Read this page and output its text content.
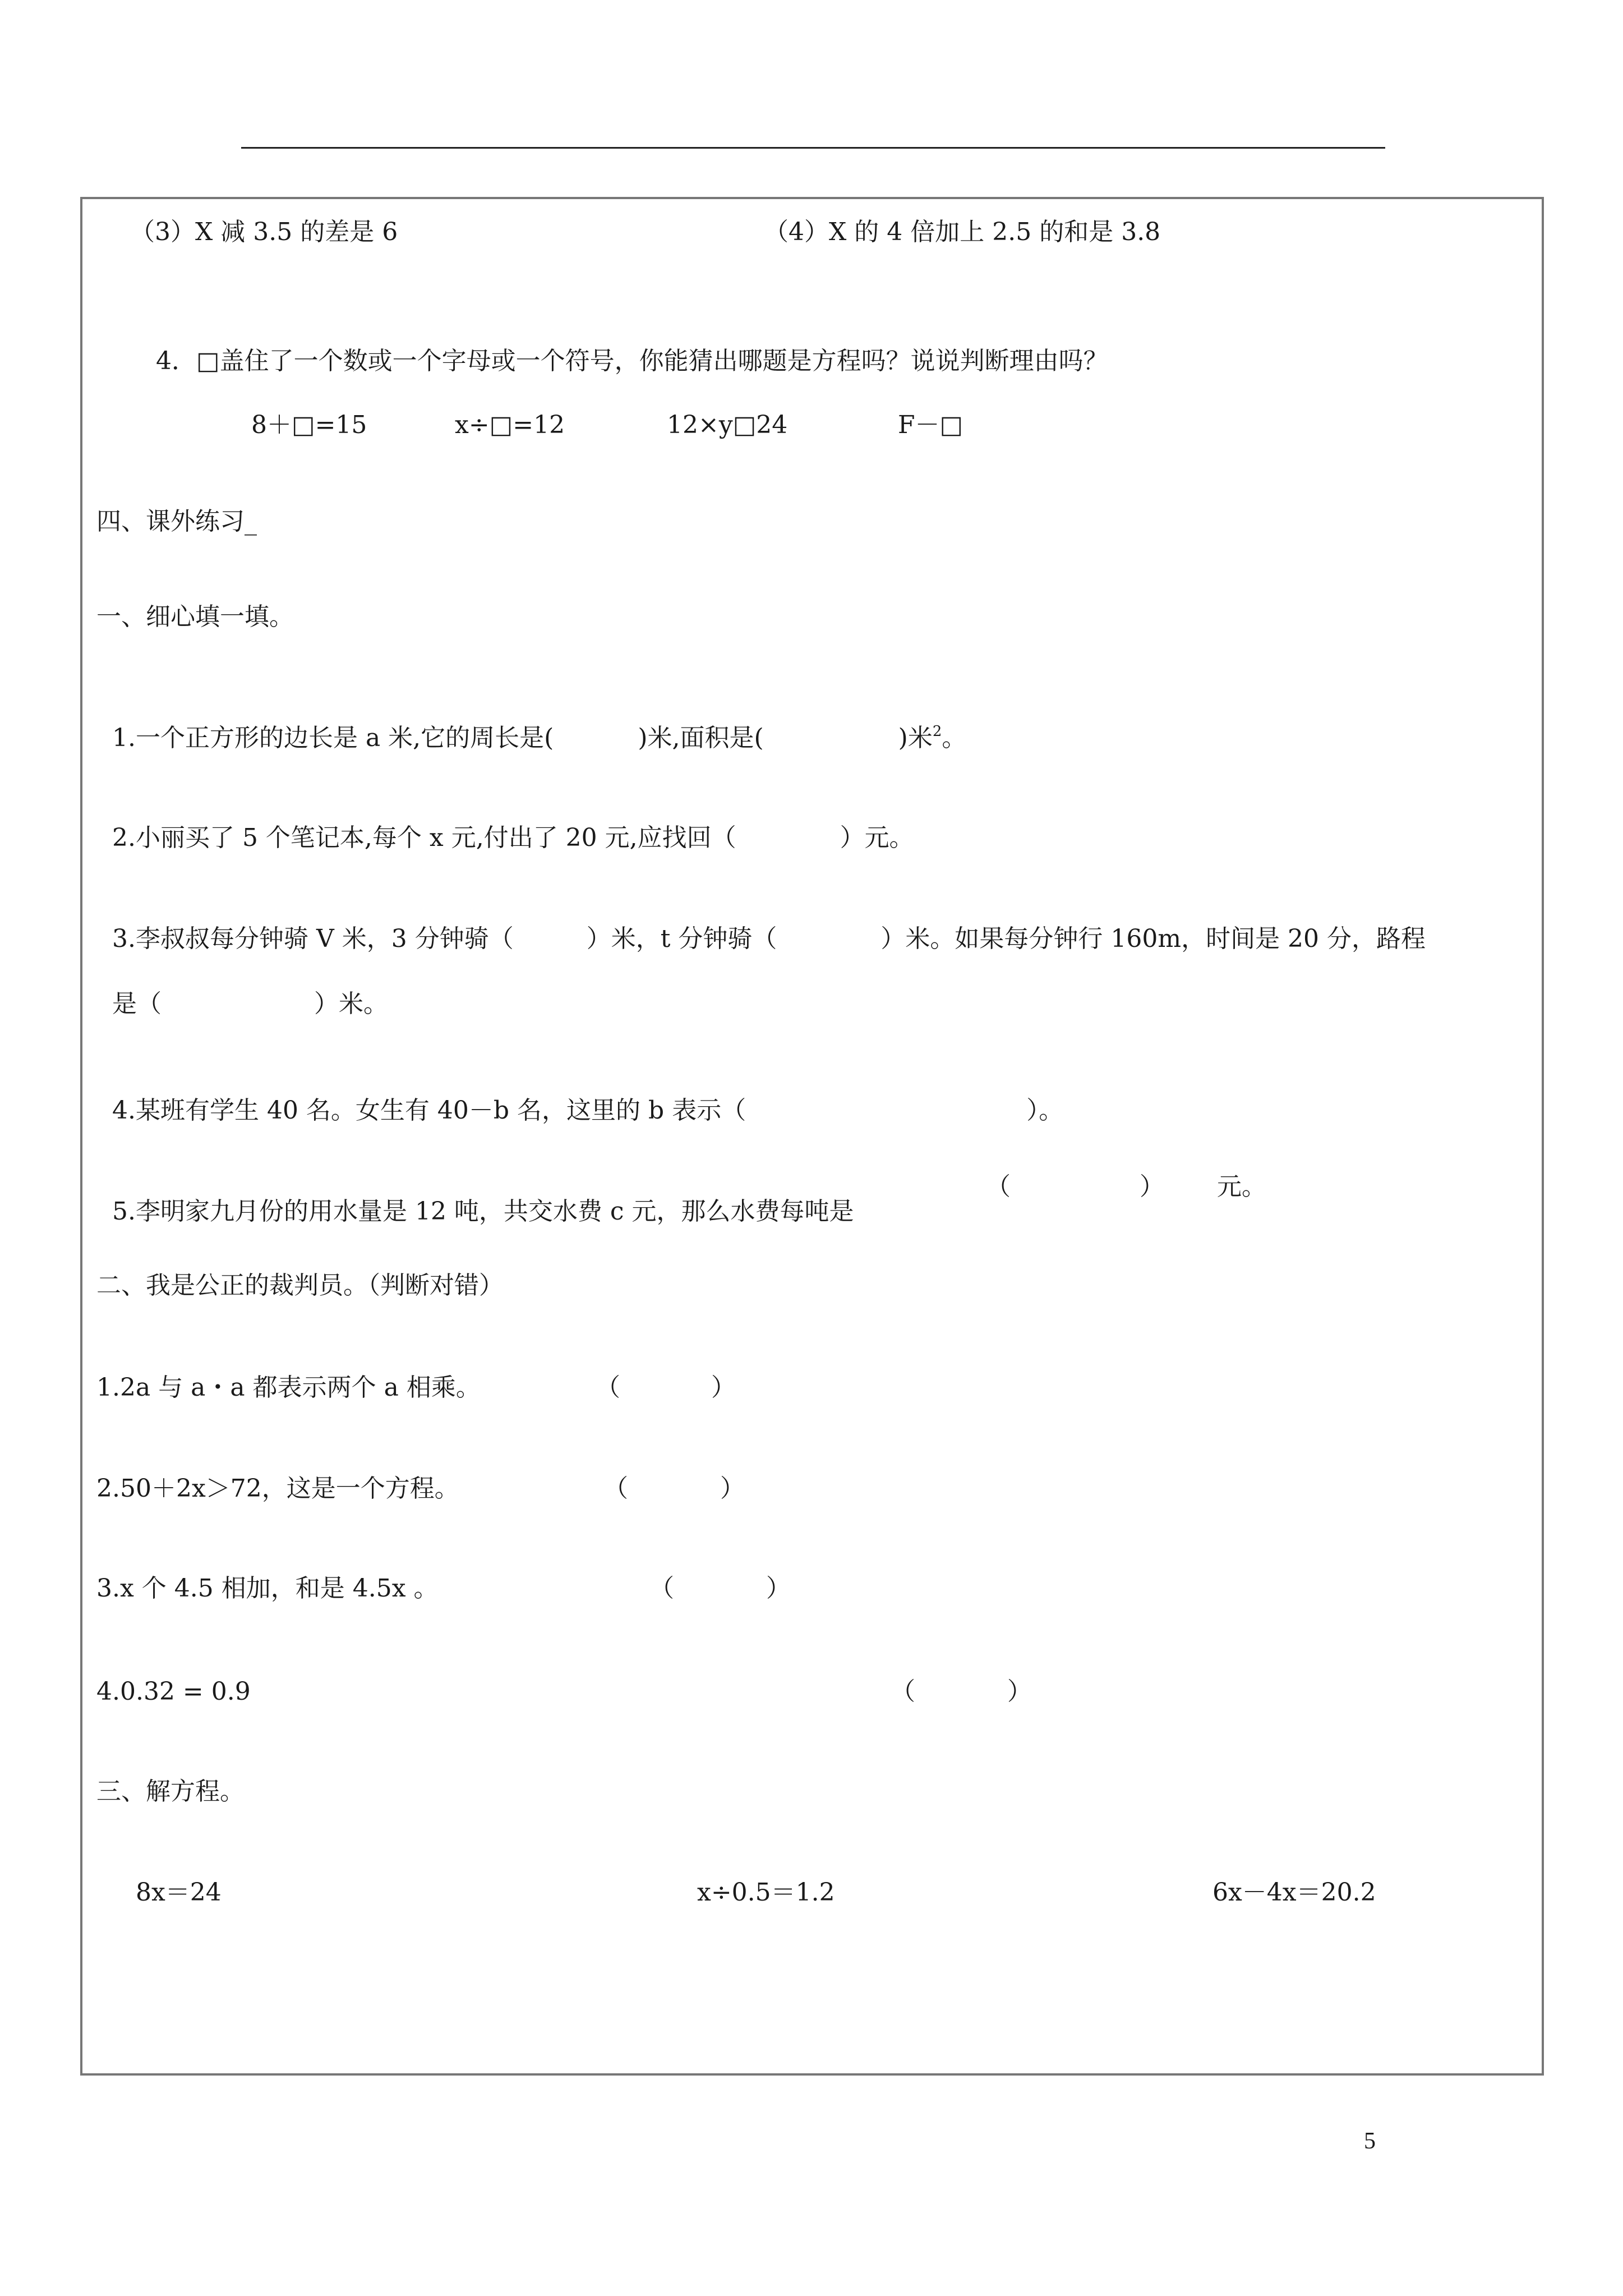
（3）X 减 3.5 的差是 6	（4）X 的 4 倍加上 2.5 的和是 3.8
4．□盖住了一个数或一个字母或一个符号，你能猜出哪题是方程吗？说说判断理由吗？
8＋□=15	x÷□=12	12×y□24	F－□
四、课外练习_
一、细心填一填。

1.一个正方形的边长是 a 米,它的周长是(	)米,面积是(	)米$^2$。

2.小丽买了 5 个笔记本,每个 x 元,付出了 20 元,应找回（	）元。

3.李叔叔每分钟骑 V 米，3 分钟骑（	）米，t 分钟骑（	）米。如果每分钟行 160m，时间是 20 分，路程

是（	）米。

4.某班有学生 40 名。女生有 40－b 名，这里的 b 表示（	）。

5.李明家九月份的用水量是 12 吨，共交水费 c 元，那么水费每吨是

（	） 元。
二、我是公正的裁判员。（判断对错）
1.2a 与 a・a 都表示两个 a 相乘。	（	）
2.50＋2x＞72，这是一个方程。	（	）
3.x 个 4.5 相加，和是 4.5x 。	（	）
4.0.32 = 0.9	（	）
三、解方程。
8x＝24	x÷0.5＝1.2	6x－4x＝20.2
5
